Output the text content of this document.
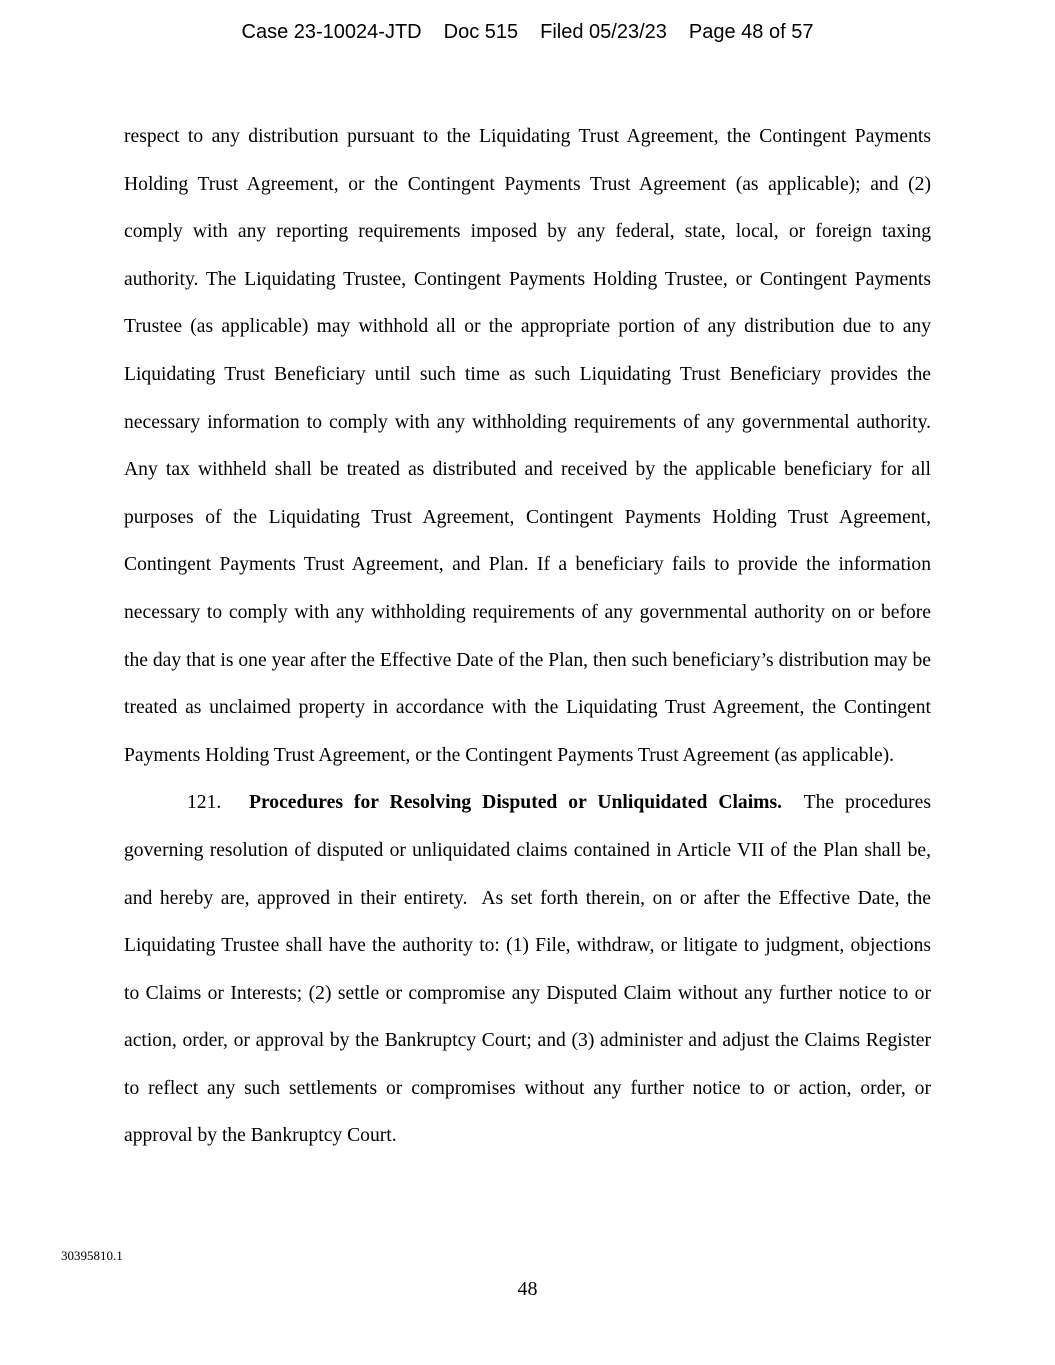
Case 23-10024-JTD Doc 515 Filed 05/23/23 Page 48 of 57

respect to any distribution pursuant to the Liquidating Trust Agreement, the Contingent Payments Holding Trust Agreement, or the Contingent Payments Trust Agreement (as applicable); and (2) comply with any reporting requirements imposed by any federal, state, local, or foreign taxing authority. The Liquidating Trustee, Contingent Payments Holding Trustee, or Contingent Payments Trustee (as applicable) may withhold all or the appropriate portion of any distribution due to any Liquidating Trust Beneficiary until such time as such Liquidating Trust Beneficiary provides the necessary information to comply with any withholding requirements of any governmental authority. Any tax withheld shall be treated as distributed and received by the applicable beneficiary for all purposes of the Liquidating Trust Agreement, Contingent Payments Holding Trust Agreement, Contingent Payments Trust Agreement, and Plan. If a beneficiary fails to provide the information necessary to comply with any withholding requirements of any governmental authority on or before the day that is one year after the Effective Date of the Plan, then such beneficiary’s distribution may be treated as unclaimed property in accordance with the Liquidating Trust Agreement, the Contingent Payments Holding Trust Agreement, or the Contingent Payments Trust Agreement (as applicable).

121. Procedures for Resolving Disputed or Unliquidated Claims.  The procedures governing resolution of disputed or unliquidated claims contained in Article VII of the Plan shall be, and hereby are, approved in their entirety.  As set forth therein, on or after the Effective Date, the Liquidating Trustee shall have the authority to: (1) File, withdraw, or litigate to judgment, objections to Claims or Interests; (2) settle or compromise any Disputed Claim without any further notice to or action, order, or approval by the Bankruptcy Court; and (3) administer and adjust the Claims Register to reflect any such settlements or compromises without any further notice to or action, order, or approval by the Bankruptcy Court.

30395810.1
48
